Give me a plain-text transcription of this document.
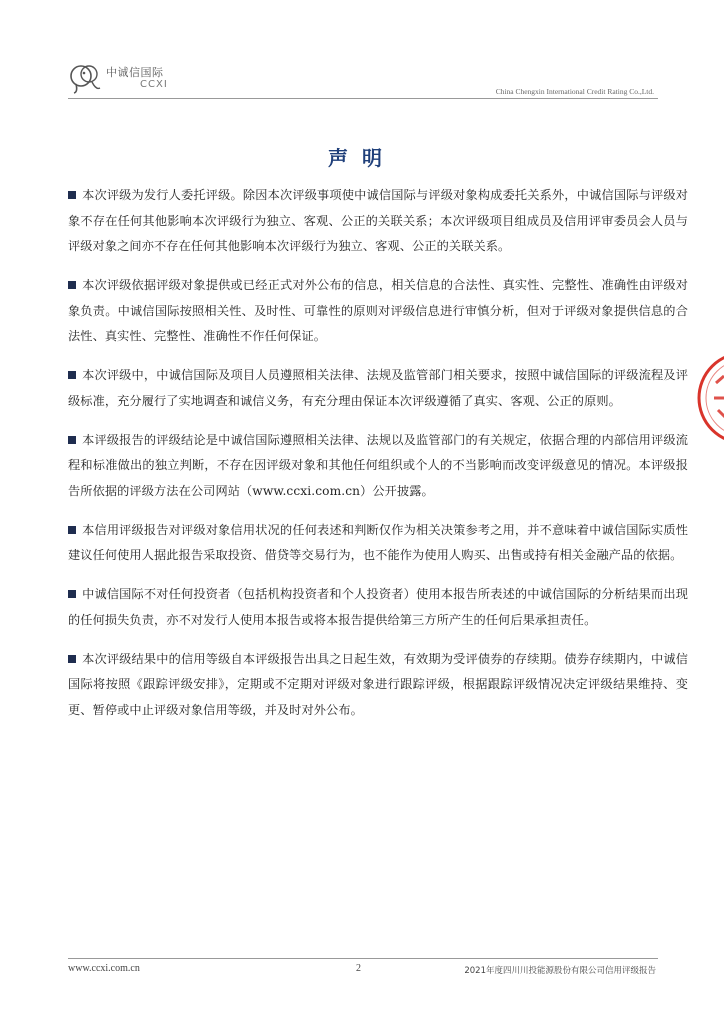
中诚信国际
CCXI
China Chengxin International Credit Rating Co.,Ltd.
声明

本次评级为发行人委托评级。除因本次评级事项使中诚信国际与评级对象构成委托关系外，中诚信国际与评级对象不存在任何其他影响本次评级行为独立、客观、公正的关联关系；本次评级项目组成员及信用评审委员会人员与评级对象之间亦不存在任何其他影响本次评级行为独立、客观、公正的关联关系。

本次评级依据评级对象提供或已经正式对外公布的信息，相关信息的合法性、真实性、完整性、准确性由评级对象负责。中诚信国际按照相关性、及时性、可靠性的原则对评级信息进行审慎分析，但对于评级对象提供信息的合法性、真实性、完整性、准确性不作任何保证。

本次评级中，中诚信国际及项目人员遵照相关法律、法规及监管部门相关要求，按照中诚信国际的评级流程及评级标准，充分履行了实地调查和诚信义务，有充分理由保证本次评级遵循了真实、客观、公正的原则。

本评级报告的评级结论是中诚信国际遵照相关法律、法规以及监管部门的有关规定，依据合理的内部信用评级流程和标准做出的独立判断，不存在因评级对象和其他任何组织或个人的不当影响而改变评级意见的情况。本评级报告所依据的评级方法在公司网站（www.ccxi.com.cn）公开披露。

本信用评级报告对评级对象信用状况的任何表述和判断仅作为相关决策参考之用，并不意味着中诚信国际实质性建议任何使用人据此报告采取投资、借贷等交易行为，也不能作为使用人购买、出售或持有相关金融产品的依据。

中诚信国际不对任何投资者（包括机构投资者和个人投资者）使用本报告所表述的中诚信国际的分析结果而出现的任何损失负责，亦不对发行人使用本报告或将本报告提供给第三方所产生的任何后果承担责任。

本次评级结果中的信用等级自本评级报告出具之日起生效，有效期为受评债券的存续期。债券存续期内，中诚信国际将按照《跟踪评级安排》，定期或不定期对评级对象进行跟踪评级，根据跟踪评级情况决定评级结果维持、变更、暂停或中止评级对象信用等级，并及时对外公布。

www.ccxi.com.cn	2	2021年度四川川投能源股份有限公司信用评级报告
